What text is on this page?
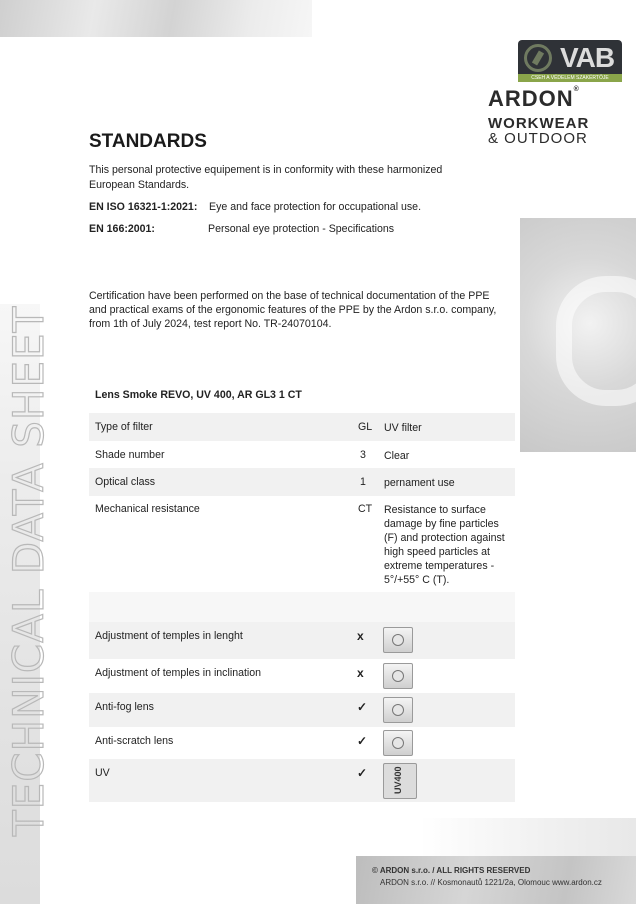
TECHNICAL DATA SHEET
VAB
CSEH A VÉDELEM SZAKÉRTŐJE
ARDON®
WORKWEAR
& OUTDOOR
STANDARDS
This personal protective equipement is in conformity with these harmonized
European Standards.
EN ISO 16321-1:2021: Eye and face protection for occupational use.
EN 166:2001:	Personal eye protection - Specifications
Certification have been performed on the base of technical documentation of the PPE
and practical exams of the ergonomic features of the PPE by the Ardon s.r.o. company,
from 1th of July 2024, test report No. TR-24070104.
Lens Smoke REVO, UV 400, AR GL3 1 CT
Type of filter	GL UV filter
Shade number	3 Clear
Optical class	1 pernament use
Mechanical resistance	CT Resistance to surface
damage by fine particles
(F) and protection against
high speed particles at
extreme temperatures -
5°/+55° C (T).
Adjustment of temples in lenght	x
Adjustment of temples in inclination	x
Anti-fog lens	✓
Anti-scratch lens	✓
UV	✓	UV400
© ARDON s.r.o. / ALL RIGHTS RESERVED
ARDON s.r.o. // Kosmonautů 1221/2a, Olomouc www.ardon.cz
